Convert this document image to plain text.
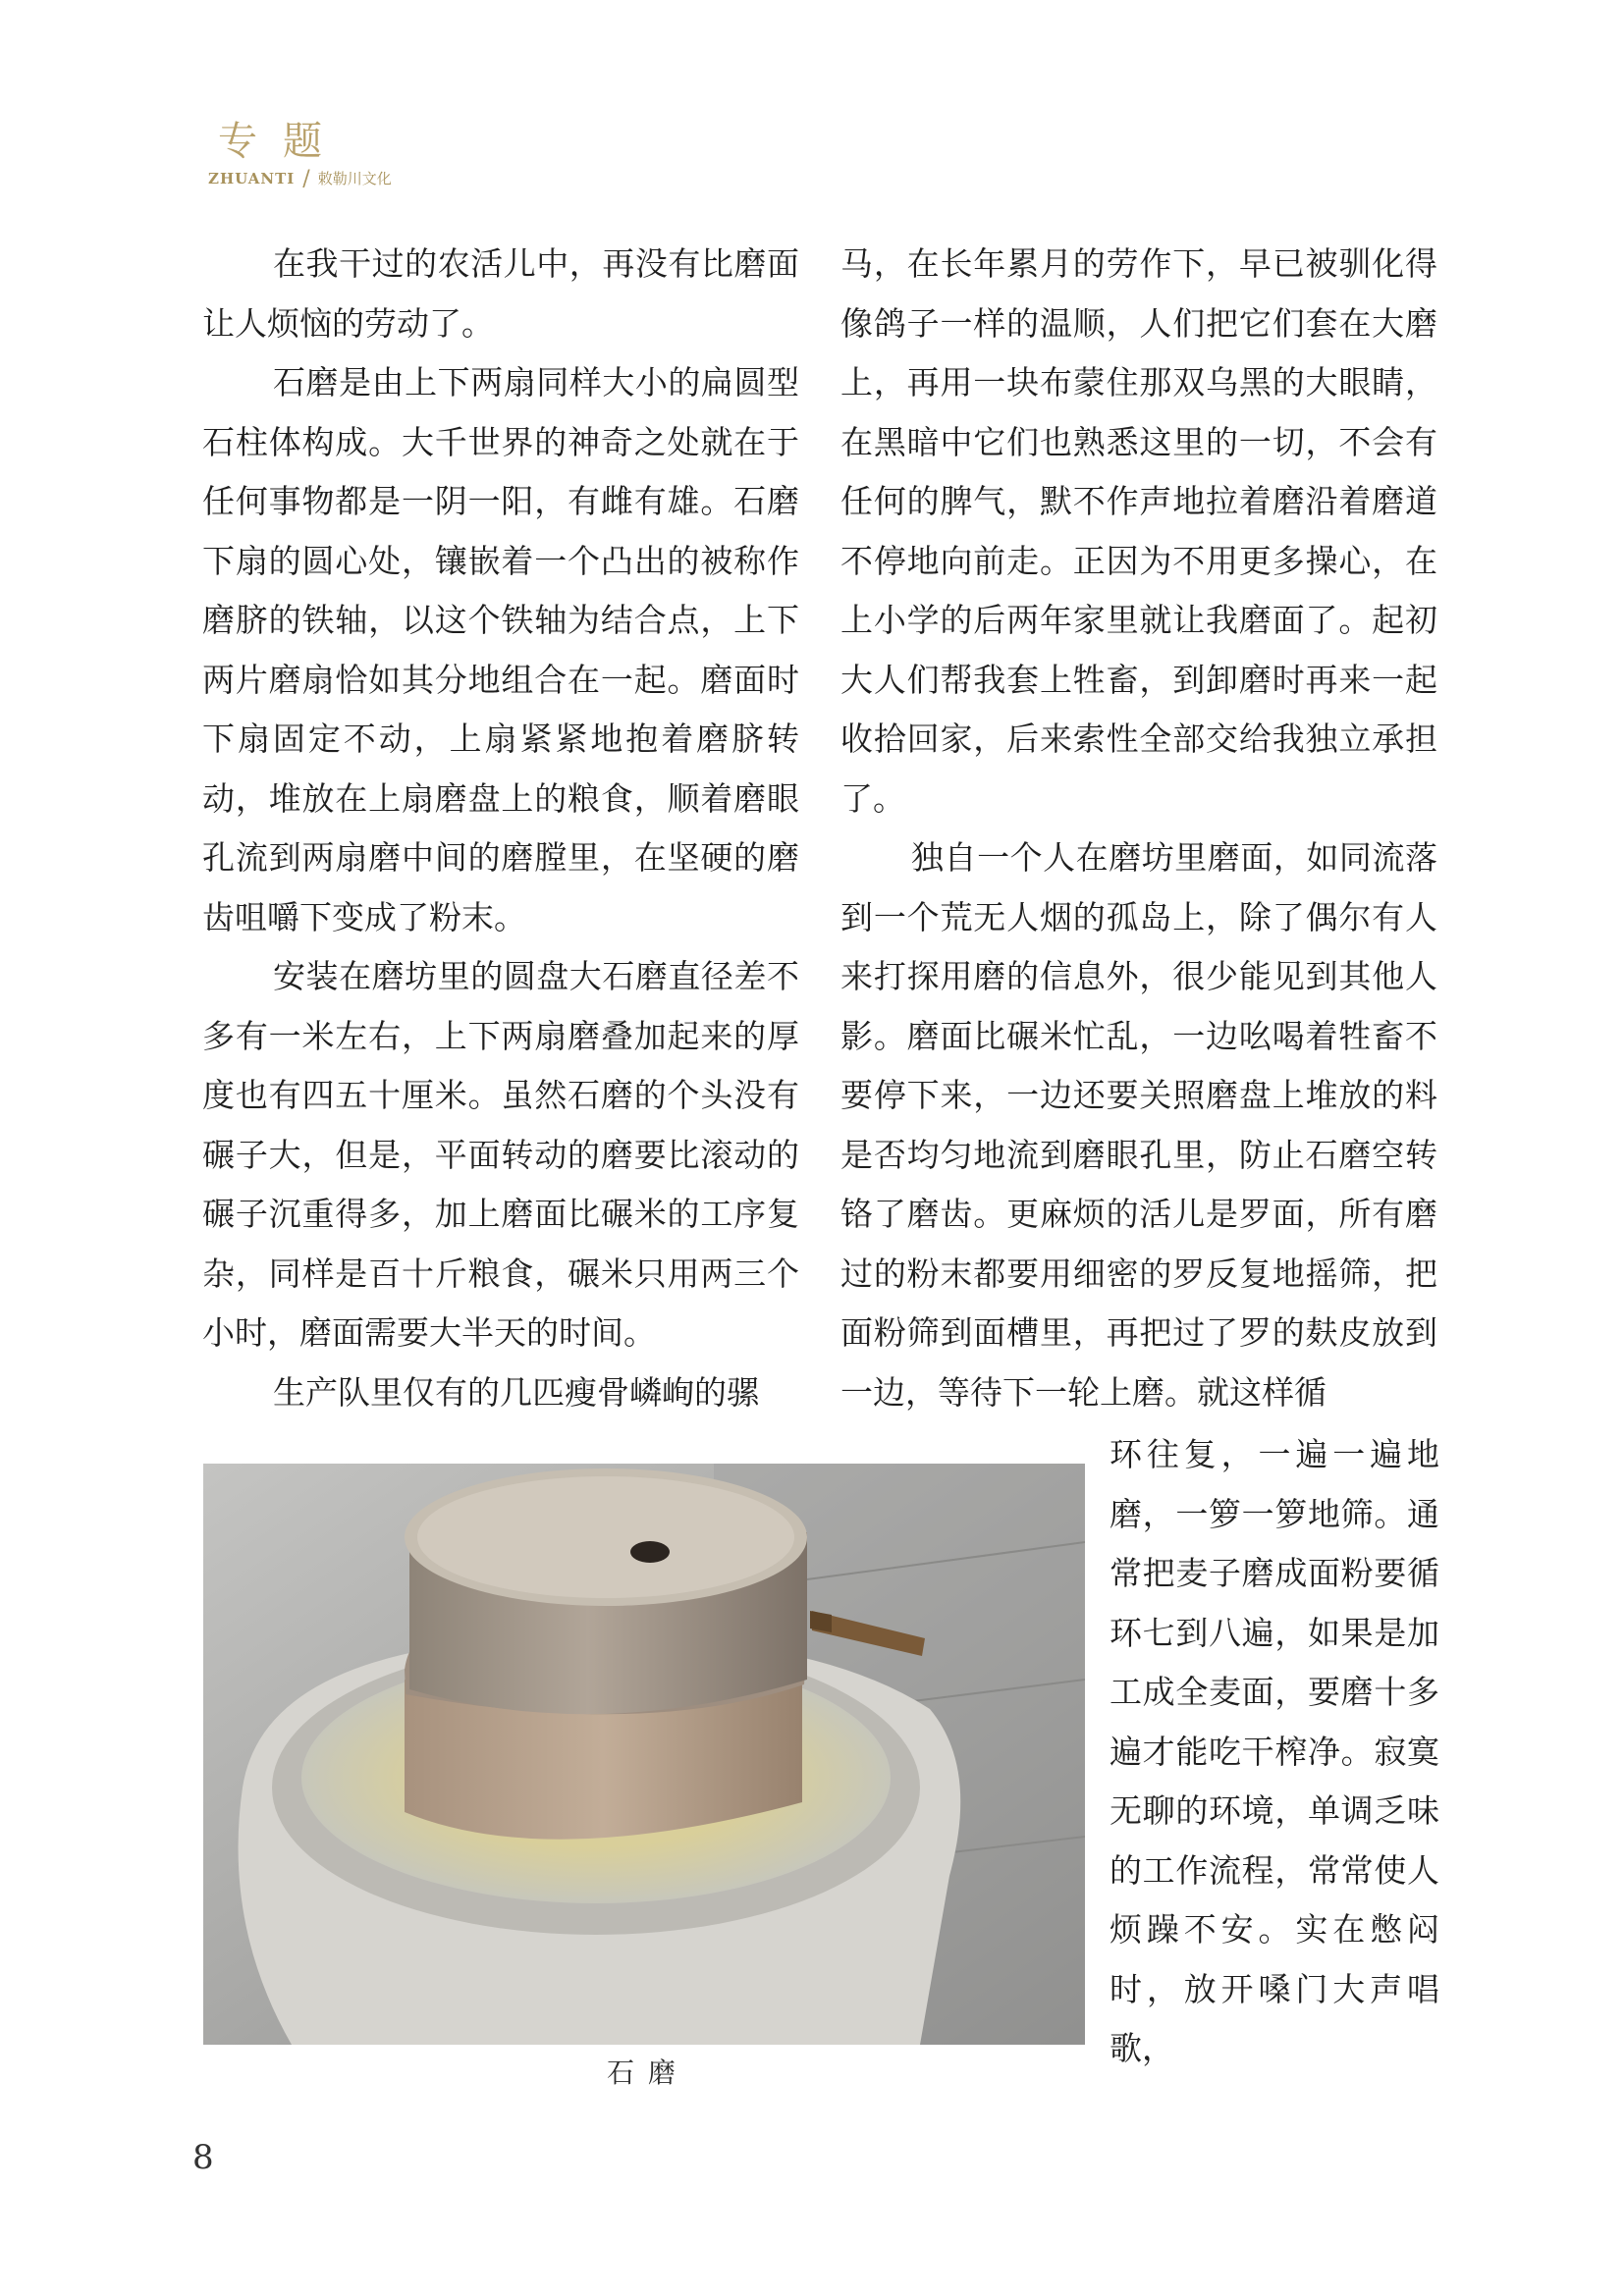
专题
ZHUANTI / 敕勒川文化

在我干过的农活儿中，再没有比磨面让人烦恼的劳动了。

石磨是由上下两扇同样大小的扁圆型石柱体构成。大千世界的神奇之处就在于任何事物都是一阴一阳，有雌有雄。石磨下扇的圆心处，镶嵌着一个凸出的被称作磨脐的铁轴，以这个铁轴为结合点，上下两片磨扇恰如其分地组合在一起。磨面时下扇固定不动，上扇紧紧地抱着磨脐转动，堆放在上扇磨盘上的粮食，顺着磨眼孔流到两扇磨中间的磨膛里，在坚硬的磨齿咀嚼下变成了粉末。

安装在磨坊里的圆盘大石磨直径差不多有一米左右，上下两扇磨叠加起来的厚度也有四五十厘米。虽然石磨的个头没有碾子大，但是，平面转动的磨要比滚动的碾子沉重得多，加上磨面比碾米的工序复杂，同样是百十斤粮食，碾米只用两三个小时，磨面需要大半天的时间。

生产队里仅有的几匹瘦骨嶙峋的骡

马，在长年累月的劳作下，早已被驯化得像鸽子一样的温顺，人们把它们套在大磨上，再用一块布蒙住那双乌黑的大眼睛，在黑暗中它们也熟悉这里的一切，不会有任何的脾气，默不作声地拉着磨沿着磨道不停地向前走。正因为不用更多操心，在上小学的后两年家里就让我磨面了。起初大人们帮我套上牲畜，到卸磨时再来一起收拾回家，后来索性全部交给我独立承担了。

独自一个人在磨坊里磨面，如同流落到一个荒无人烟的孤岛上，除了偶尔有人来打探用磨的信息外，很少能见到其他人影。磨面比碾米忙乱，一边吆喝着牲畜不要停下来，一边还要关照磨盘上堆放的料是否均匀地流到磨眼孔里，防止石磨空转铬了磨齿。更麻烦的活儿是罗面，所有磨过的粉末都要用细密的罗反复地摇筛，把面粉筛到面槽里，再把过了罗的麸皮放到一边，等待下一轮上磨。就这样循

环往复，一遍一遍地磨，一箩一箩地筛。通常把麦子磨成面粉要循环七到八遍，如果是加工成全麦面，要磨十多遍才能吃干榨净。寂寞无聊的环境，单调乏味的工作流程，常常使人烦躁不安。实在憋闷时，放开嗓门大声唱歌，

石磨
8
